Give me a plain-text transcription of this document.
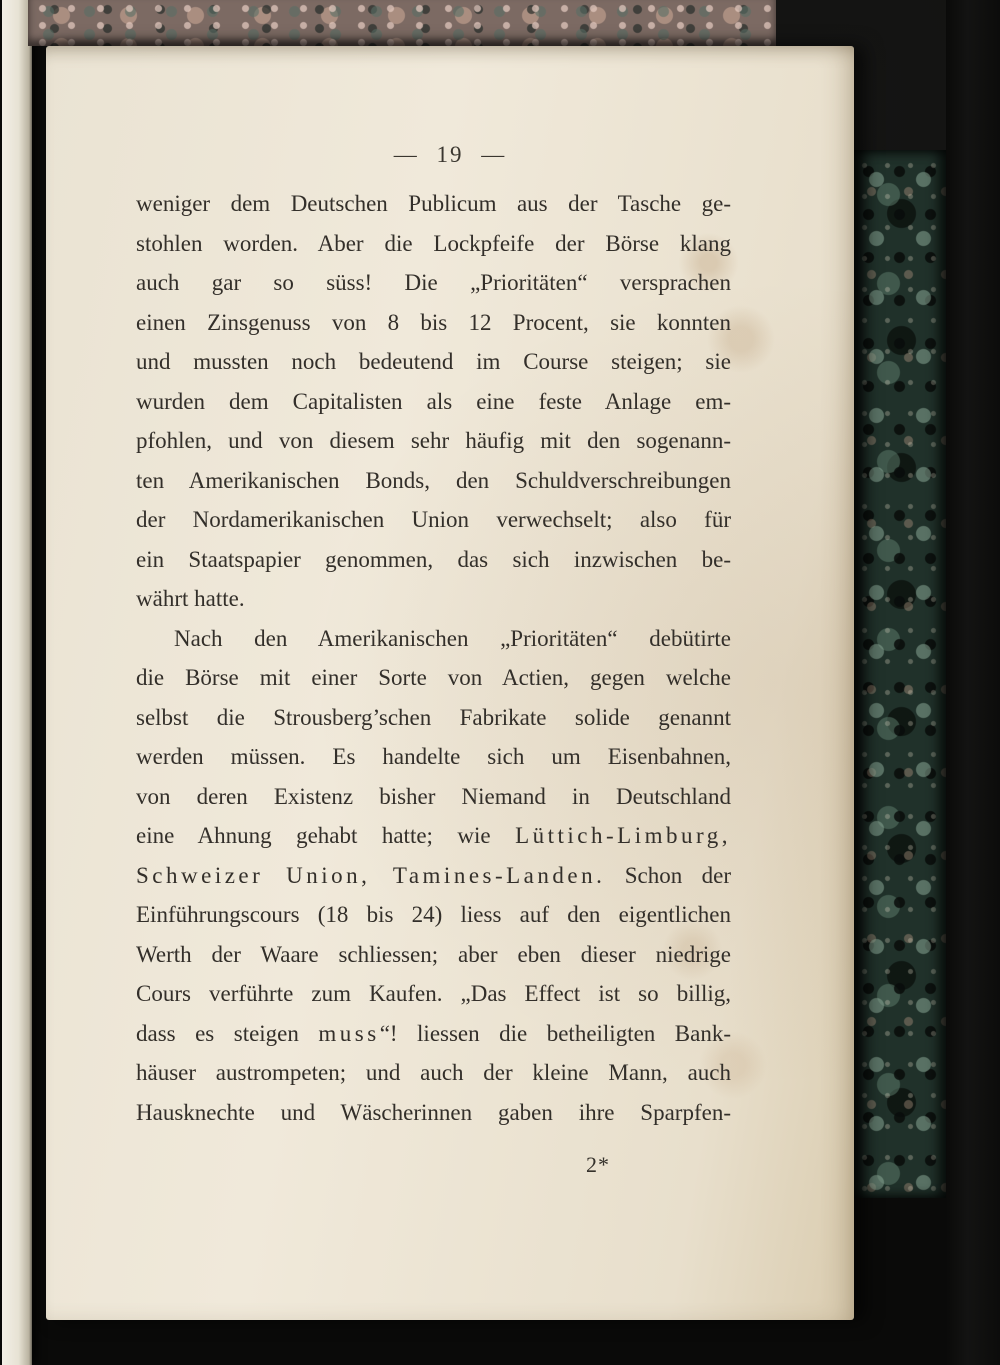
— 19 —
weniger dem Deutschen Publicum aus der Tasche ge-
stohlen worden. Aber die Lockpfeife der Börse klang
auch gar so süss! Die „Prioritäten“ versprachen
einen Zinsgenuss von 8 bis 12 Procent, sie konnten
und mussten noch bedeutend im Course steigen; sie
wurden dem Capitalisten als eine feste Anlage em-
pfohlen, und von diesem sehr häufig mit den sogenann-
ten Amerikanischen Bonds, den Schuldverschreibungen
der Nordamerikanischen Union verwechselt; also für
ein Staatspapier genommen, das sich inzwischen be-
währt hatte.
Nach den Amerikanischen „Prioritäten“ debütirte
die Börse mit einer Sorte von Actien, gegen welche
selbst die Strousberg’schen Fabrikate solide genannt
werden müssen. Es handelte sich um Eisenbahnen,
von deren Existenz bisher Niemand in Deutschland
eine Ahnung gehabt hatte; wie Lüttich-Limburg,
Schweizer Union, Tamines-Landen. Schon der
Einführungscours (18 bis 24) liess auf den eigentlichen
Werth der Waare schliessen; aber eben dieser niedrige
Cours verführte zum Kaufen. „Das Effect ist so billig,
dass es steigen muss“! liessen die betheiligten Bank-
häuser austrompeten; und auch der kleine Mann, auch
Hausknechte und Wäscherinnen gaben ihre Sparpfen-
2*
